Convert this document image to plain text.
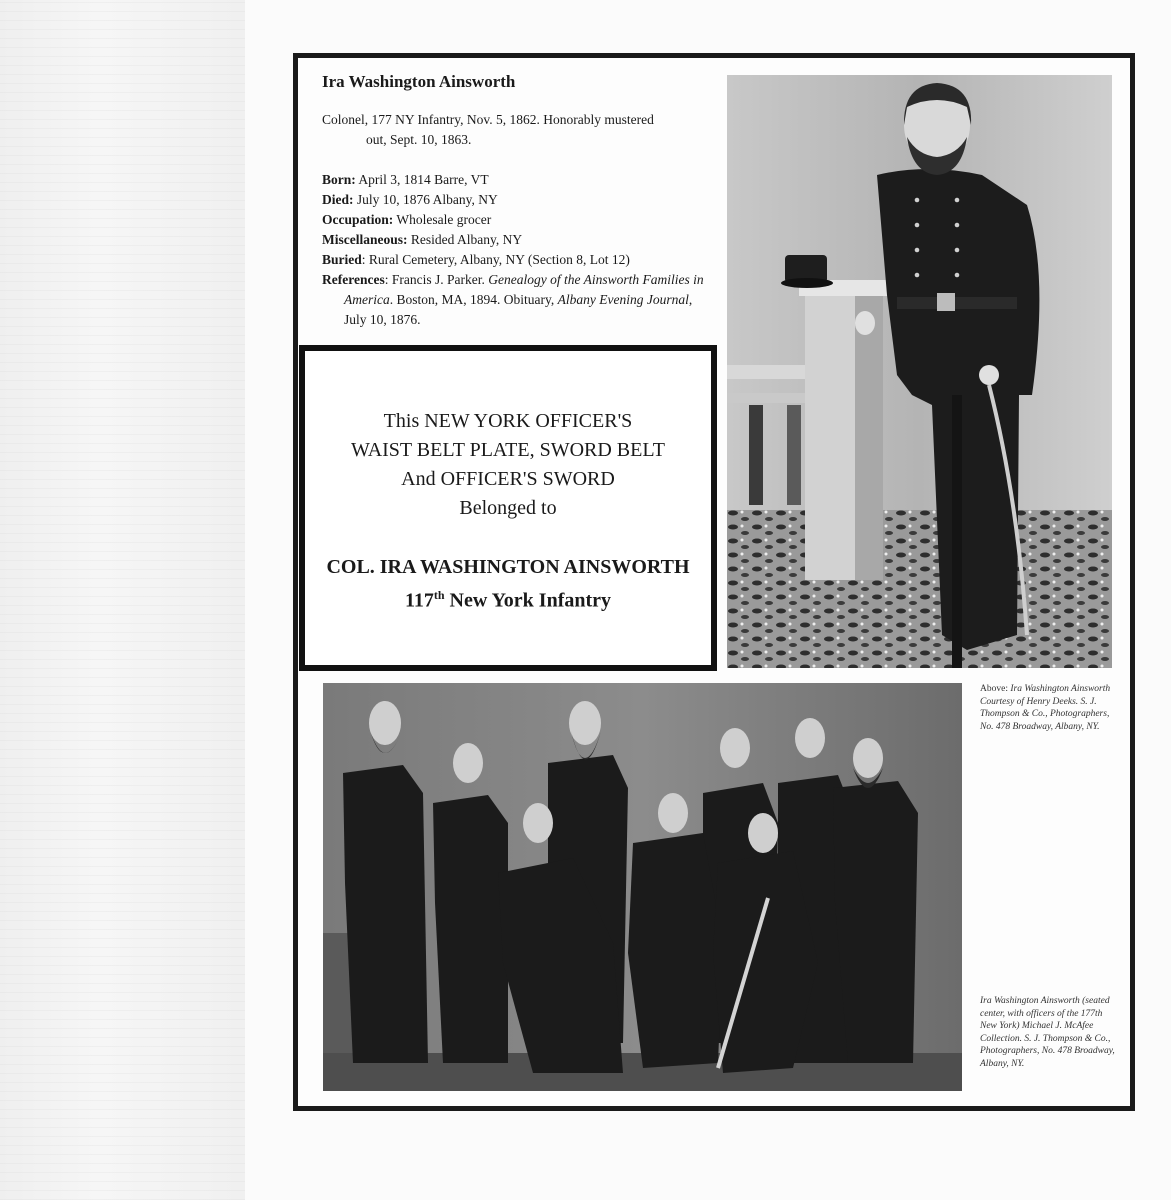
Ira Washington Ainsworth

Colonel, 177 NY Infantry, Nov. 5, 1862. Honorably mustered
out, Sept. 10, 1863.

Born: April 3, 1814 Barre, VT

Died: July 10, 1876 Albany, NY

Occupation: Wholesale grocer

Miscellaneous: Resided Albany, NY

Buried: Rural Cemetery, Albany, NY (Section 8, Lot 12)

References: Francis J. Parker. Genealogy of the Ainsworth Families in America. Boston, MA, 1894. Obituary, Albany Evening Journal, July 10, 1876.

This NEW YORK OFFICER'S
WAIST BELT PLATE, SWORD BELT
And OFFICER'S SWORD
Belonged to
COL. IRA WASHINGTON AINSWORTH
117th New York Infantry
Above: Ira Washington Ainsworth
Courtesy of Henry Deeks. S. J. Thompson & Co., Photographers, No. 478 Broadway, Albany, NY.
Ira Washington Ainsworth (seated center, with officers of the 177th New York) Michael J. McAfee Collection. S. J. Thompson & Co., Photographers, No. 478 Broadway, Albany, NY.
